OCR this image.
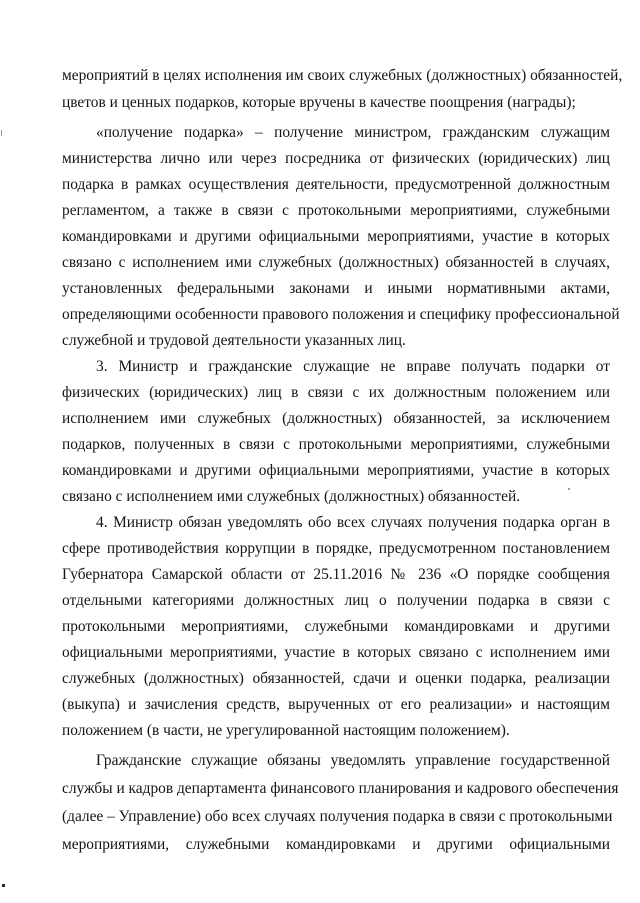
мероприятий в целях исполнения им своих служебных (должностных) обязанностей,
цветов и ценных подарков, которые вручены в качестве поощрения (награды);
«получение подарка» – получение министром, гражданским служащим
министерства лично или через посредника от физических (юридических) лиц
подарка в рамках осуществления деятельности, предусмотренной должностным
регламентом, а также в связи с протокольными мероприятиями, служебными
командировками и другими официальными мероприятиями, участие в которых
связано с исполнением ими служебных (должностных) обязанностей в случаях,
установленных федеральными законами и иными нормативными актами,
определяющими особенности правового положения и специфику профессиональной
служебной и трудовой деятельности указанных лиц.
3. Министр и гражданские служащие не вправе получать подарки от
физических (юридических) лиц в связи с их должностным положением или
исполнением ими служебных (должностных) обязанностей, за исключением
подарков, полученных в связи с протокольными мероприятиями, служебными
командировками и другими официальными мероприятиями, участие в которых
связано с исполнением ими служебных (должностных) обязанностей.
4. Министр обязан уведомлять обо всех случаях получения подарка орган в
сфере противодействия коррупции в порядке, предусмотренном постановлением
Губернатора Самарской области от 25.11.2016 № 236 «О порядке сообщения
отдельными категориями должностных лиц о получении подарка в связи с
протокольными мероприятиями, служебными командировками и другими
официальными мероприятиями, участие в которых связано с исполнением ими
служебных (должностных) обязанностей, сдачи и оценки подарка, реализации
(выкупа) и зачисления средств, вырученных от его реализации» и настоящим
положением (в части, не урегулированной настоящим положением).
Гражданские служащие обязаны уведомлять управление государственной
службы и кадров департамента финансового планирования и кадрового обеспечения
(далее – Управление) обо всех случаях получения подарка в связи с протокольными
мероприятиями, служебными командировками и другими официальными
